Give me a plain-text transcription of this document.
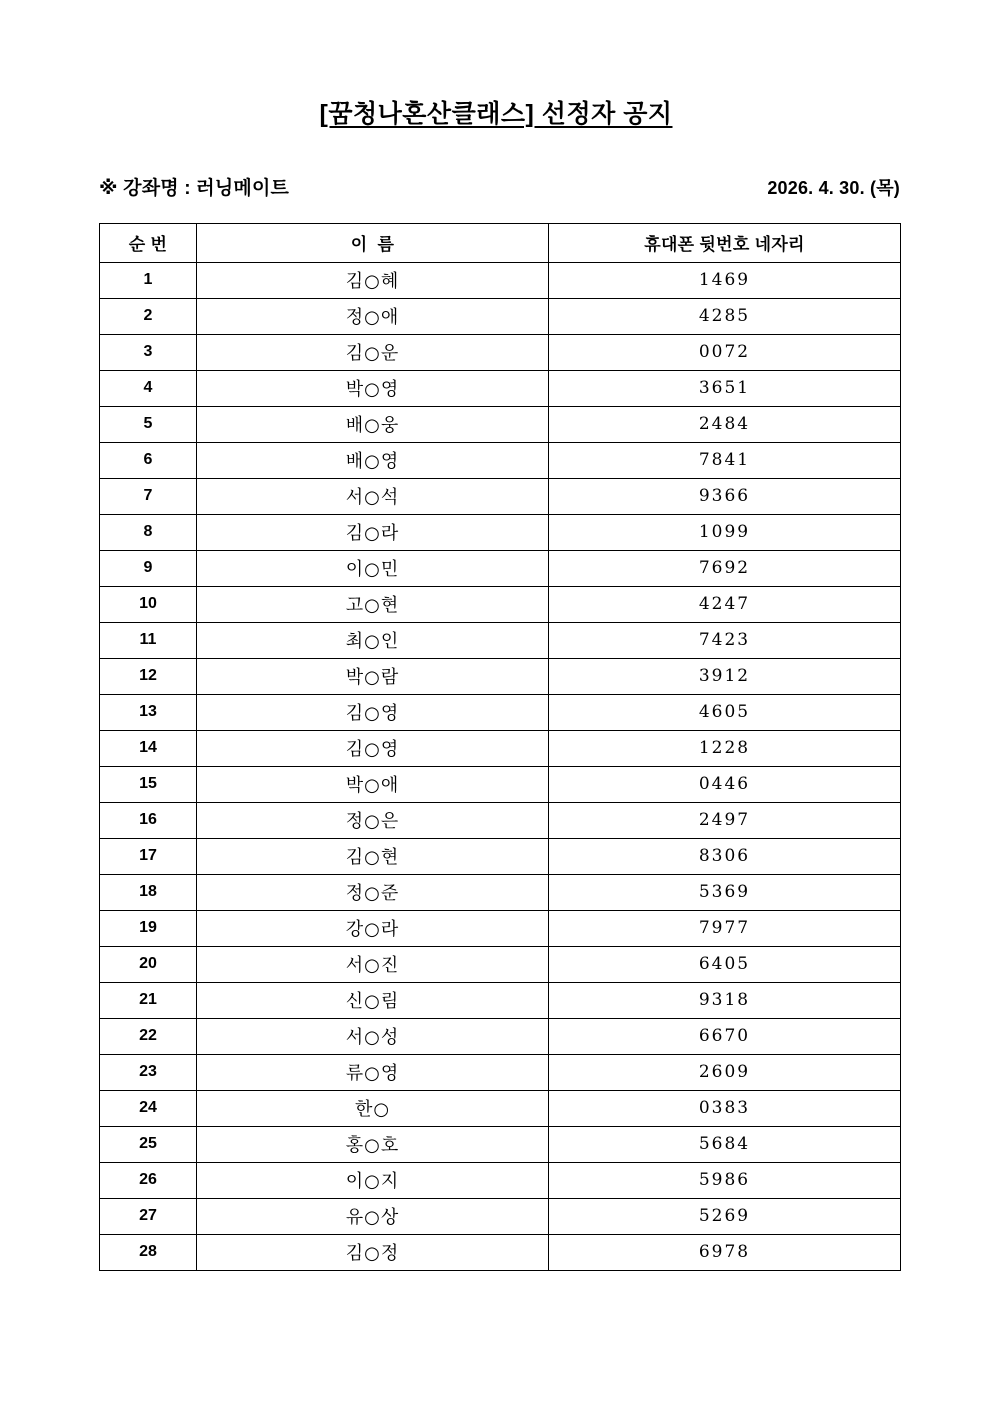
[꿈청나혼산클래스] 선정자 공지
※ 강좌명 : 러닝메이트	2026. 4. 30. (목)
순 번	이  름	휴대폰 뒷번호 네자리
1	김○혜	1469
2	정○애	4285
3	김○운	0072
4	박○영	3651
5	배○웅	2484
6	배○영	7841
7	서○석	9366
8	김○라	1099
9	이○민	7692
10	고○현	4247
11	최○인	7423
12	박○람	3912
13	김○영	4605
14	김○영	1228
15	박○애	0446
16	정○은	2497
17	김○현	8306
18	정○준	5369
19	강○라	7977
20	서○진	6405
21	신○림	9318
22	서○성	6670
23	류○영	2609
24	한○	0383
25	홍○호	5684
26	이○지	5986
27	유○상	5269
28	김○정	6978
